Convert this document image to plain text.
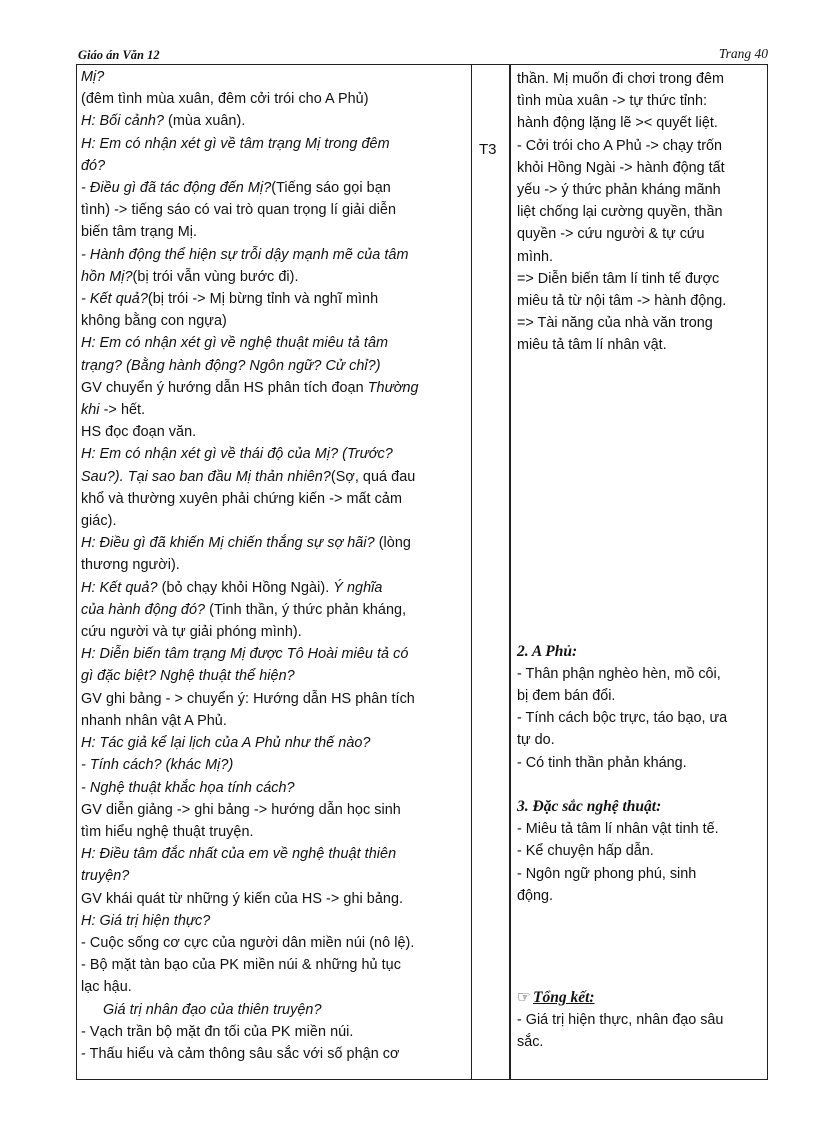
Giáo án Văn 12	Trang 40
Mị?
(đêm tình mùa xuân, đêm cởi trói cho A Phủ)
H: Bối cảnh? (mùa xuân).
H: Em có nhận xét gì về tâm trạng Mị trong đêm
đó?
- Điều gì đã tác động đến Mị?(Tiếng sáo gọi bạn
tình) -> tiếng sáo có vai trò quan trọng lí giải diễn
biến tâm trạng Mị.
- Hành động thể hiện sự trỗi dậy mạnh mẽ của tâm
hồn Mị?(bị trói vẫn vùng bước đi).
- Kết quả?(bị trói -> Mị bừng tỉnh và nghĩ mình
không bằng con ngựa)
H: Em có nhận xét gì về nghệ thuật miêu tả tâm
trạng? (Bằng hành động? Ngôn ngữ? Cử chỉ?)
GV chuyển ý hướng dẫn HS phân tích đoạn Thường
khi -> hết.
HS đọc đoạn văn.
H: Em có nhận xét gì về thái độ của Mị? (Trước?
Sau?). Tại sao ban đầu Mị thản nhiên?(Sợ, quá đau
khổ và thường xuyên phải chứng kiến -> mất cảm
giác).
H: Điều gì đã khiến Mị chiến thắng sự sợ hãi? (lòng
thương người).
H: Kết quả? (bỏ chạy khỏi Hồng Ngài). Ý nghĩa
của hành động đó? (Tinh thần, ý thức phản kháng,
cứu người và tự giải phóng mình).
H: Diễn biến tâm trạng Mị được Tô Hoài miêu tả có
gì đặc biệt? Nghệ thuật thể hiện?
GV ghi bảng - > chuyển ý: Hướng dẫn HS phân tích
nhanh nhân vật A Phủ.
H: Tác giả kể lại lịch của A Phủ như thế nào?
- Tính cách? (khác Mị?)
- Nghệ thuật khắc họa tính cách?
GV diễn giảng -> ghi bảng -> hướng dẫn học sinh
tìm hiểu nghệ thuật truyện.
H: Điều tâm đắc nhất của em về nghệ thuật thiên
truyện?
GV khái quát từ những ý kiến của HS -> ghi bảng.
H: Giá trị hiện thực?
- Cuộc sống cơ cực của người dân miền núi (nô lệ).
- Bộ mặt tàn bạo của PK miền núi & những hủ tục
lạc hậu.
Giá trị nhân đạo của thiên truyện?
- Vạch trần bộ mặt đn tối của PK miền núi.
- Thấu hiểu và cảm thông sâu sắc với số phận cơ
T3
thần. Mị muốn đi chơi trong đêm
tình mùa xuân -> tự thức tỉnh:
hành động lặng lẽ >< quyết liệt.
- Cởi trói cho A Phủ -> chạy trốn
khỏi Hồng Ngài -> hành động tất
yếu -> ý thức phản kháng mãnh
liệt chống lại cường quyền, thần
quyền -> cứu người & tự cứu
mình.
=> Diễn biến tâm lí tinh tế được
miêu tả từ nội tâm -> hành động.
=> Tài năng của nhà văn trong
miêu tả tâm lí nhân vật.
2. A Phủ:
- Thân phận nghèo hèn, mồ côi,
bị đem bán đổi.
- Tính cách bộc trực, táo bạo, ưa
tự do.
- Có tinh thần phản kháng.
3. Đặc sắc nghệ thuật:
- Miêu tả tâm lí nhân vật tinh tế.
- Kể chuyện hấp dẫn.
- Ngôn ngữ phong phú, sinh
động.
☞ Tổng kết:
- Giá trị hiện thực, nhân đạo sâu
sắc.
